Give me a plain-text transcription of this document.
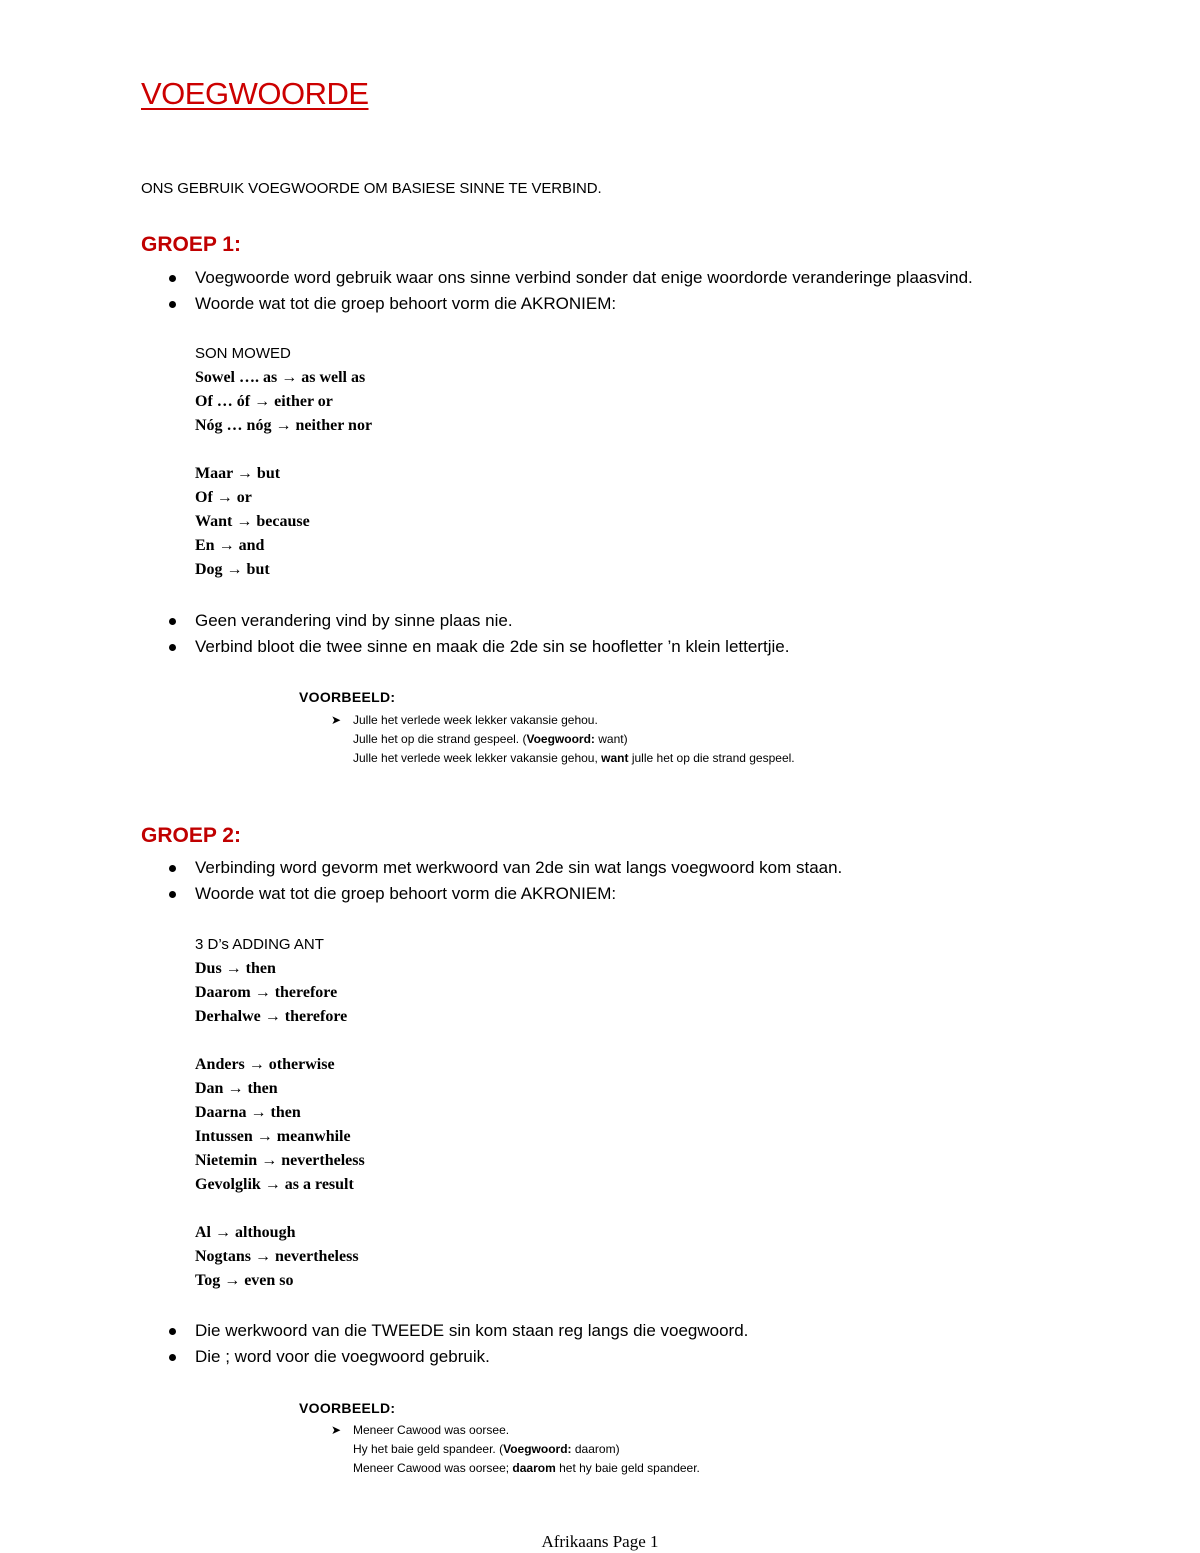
VOEGWOORDE
ONS GEBRUIK VOEGWOORDE OM BASIESE SINNE TE VERBIND.
GROEP 1:
Voegwoorde word gebruik waar ons sinne verbind sonder dat enige woordorde veranderinge plaasvind.
Woorde wat tot die groep behoort vorm die AKRONIEM:
SON MOWED
Sowel …. as → as well as
Of … óf → either or
Nóg … nóg → neither nor
Maar → but
Of → or
Want → because
En → and
Dog → but
Geen verandering vind by sinne plaas nie.
Verbind bloot die twee sinne en maak die 2de sin se hoofletter ’n klein lettertjie.
VOORBEELD:
➤ Julle het verlede week lekker vakansie gehou.
Julle het op die strand gespeel. (Voegwoord: want)
Julle het verlede week lekker vakansie gehou, want julle het op die strand gespeel.
GROEP 2:
Verbinding word gevorm met werkwoord van 2de sin wat langs voegwoord kom staan.
Woorde wat tot die groep behoort vorm die AKRONIEM:
3 D’s ADDING ANT
Dus → then
Daarom → therefore
Derhalwe → therefore
Anders → otherwise
Dan → then
Daarna → then
Intussen → meanwhile
Nietemin → nevertheless
Gevolglik → as a result
Al → although
Nogtans → nevertheless
Tog → even so
Die werkwoord van die TWEEDE sin kom staan reg langs die voegwoord.
Die ; word voor die voegwoord gebruik.
VOORBEELD:
➤ Meneer Cawood was oorsee.
Hy het baie geld spandeer. (Voegwoord: daarom)
Meneer Cawood was oorsee; daarom het hy baie geld spandeer.
Afrikaans Page 1
